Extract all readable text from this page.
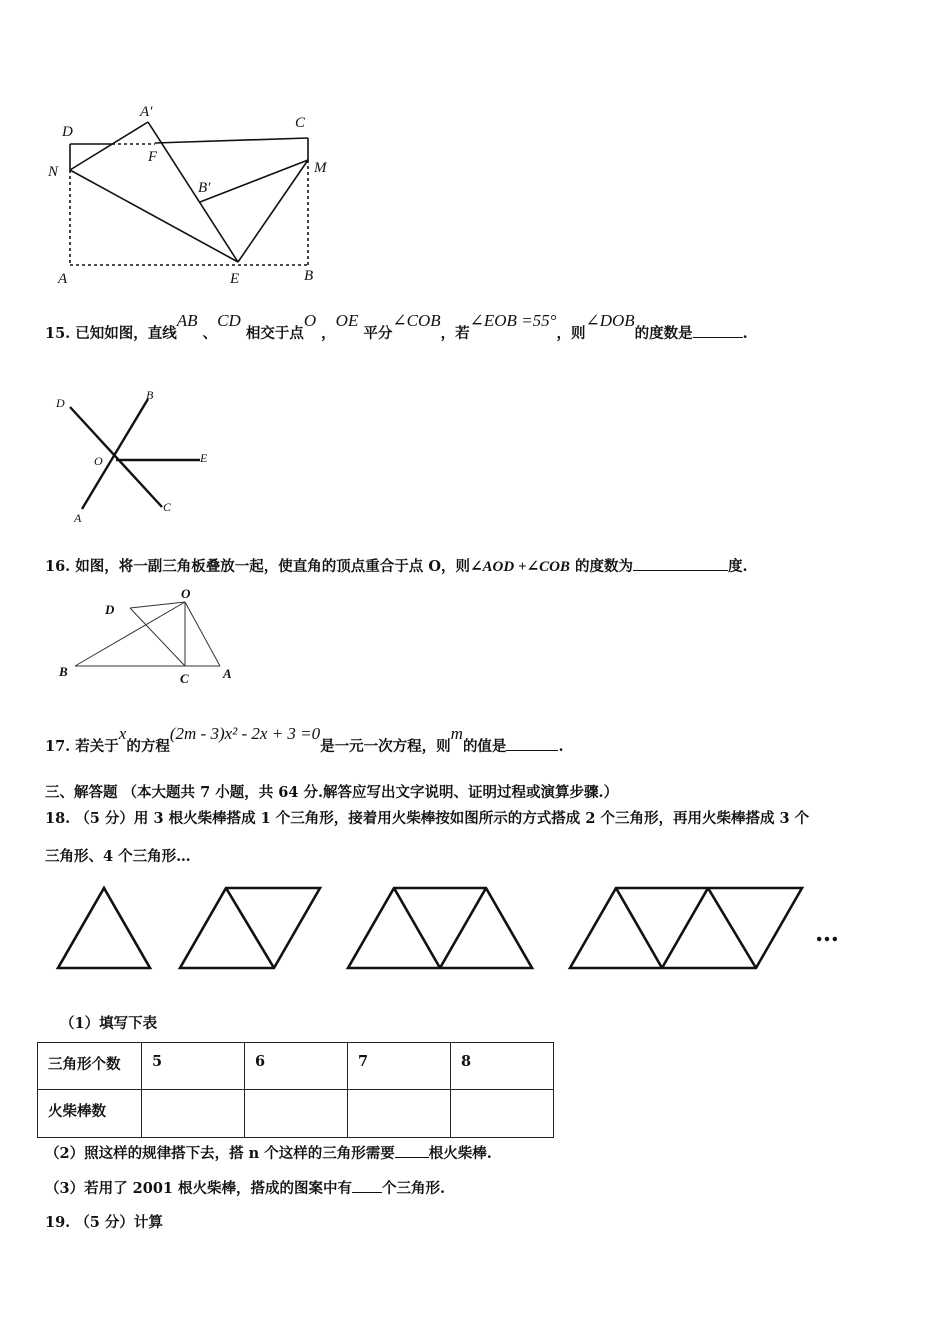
D
A′
C
F
N	M
B′
A	E	B
15. 已知如图，直线AB 、CD 相交于点O ，OE 平分∠COB，若∠EOB =55°，则∠DOB的度数是	.
D
B
O	E
A
C
16. 如图，将一副三角板叠放一起，使直角的顶点重合于点 O，则∠AOD +∠COB 的度数为	度.
O
D
B	C	A
17. 若关于x的方程(2m - 3)x² - 2x + 3 =0是一元一次方程，则m的值是	.
三、解答题 （本大题共 7 小题，共 64 分.解答应写出文字说明、证明过程或演算步骤.）
18. （5 分）用 3 根火柴棒搭成 1 个三角形，接着用火柴棒按如图所示的方式搭成 2 个三角形，再用火柴棒搭成 3 个
三角形、4 个三角形…
…
（1）填写下表
三角形个数	5	6	7	8
火柴棒数				
（2）照这样的规律搭下去，搭 n 个这样的三角形需要 根火柴棒.
（3）若用了 2001 根火柴棒，搭成的图案中有 个三角形.
19. （5 分）计算
